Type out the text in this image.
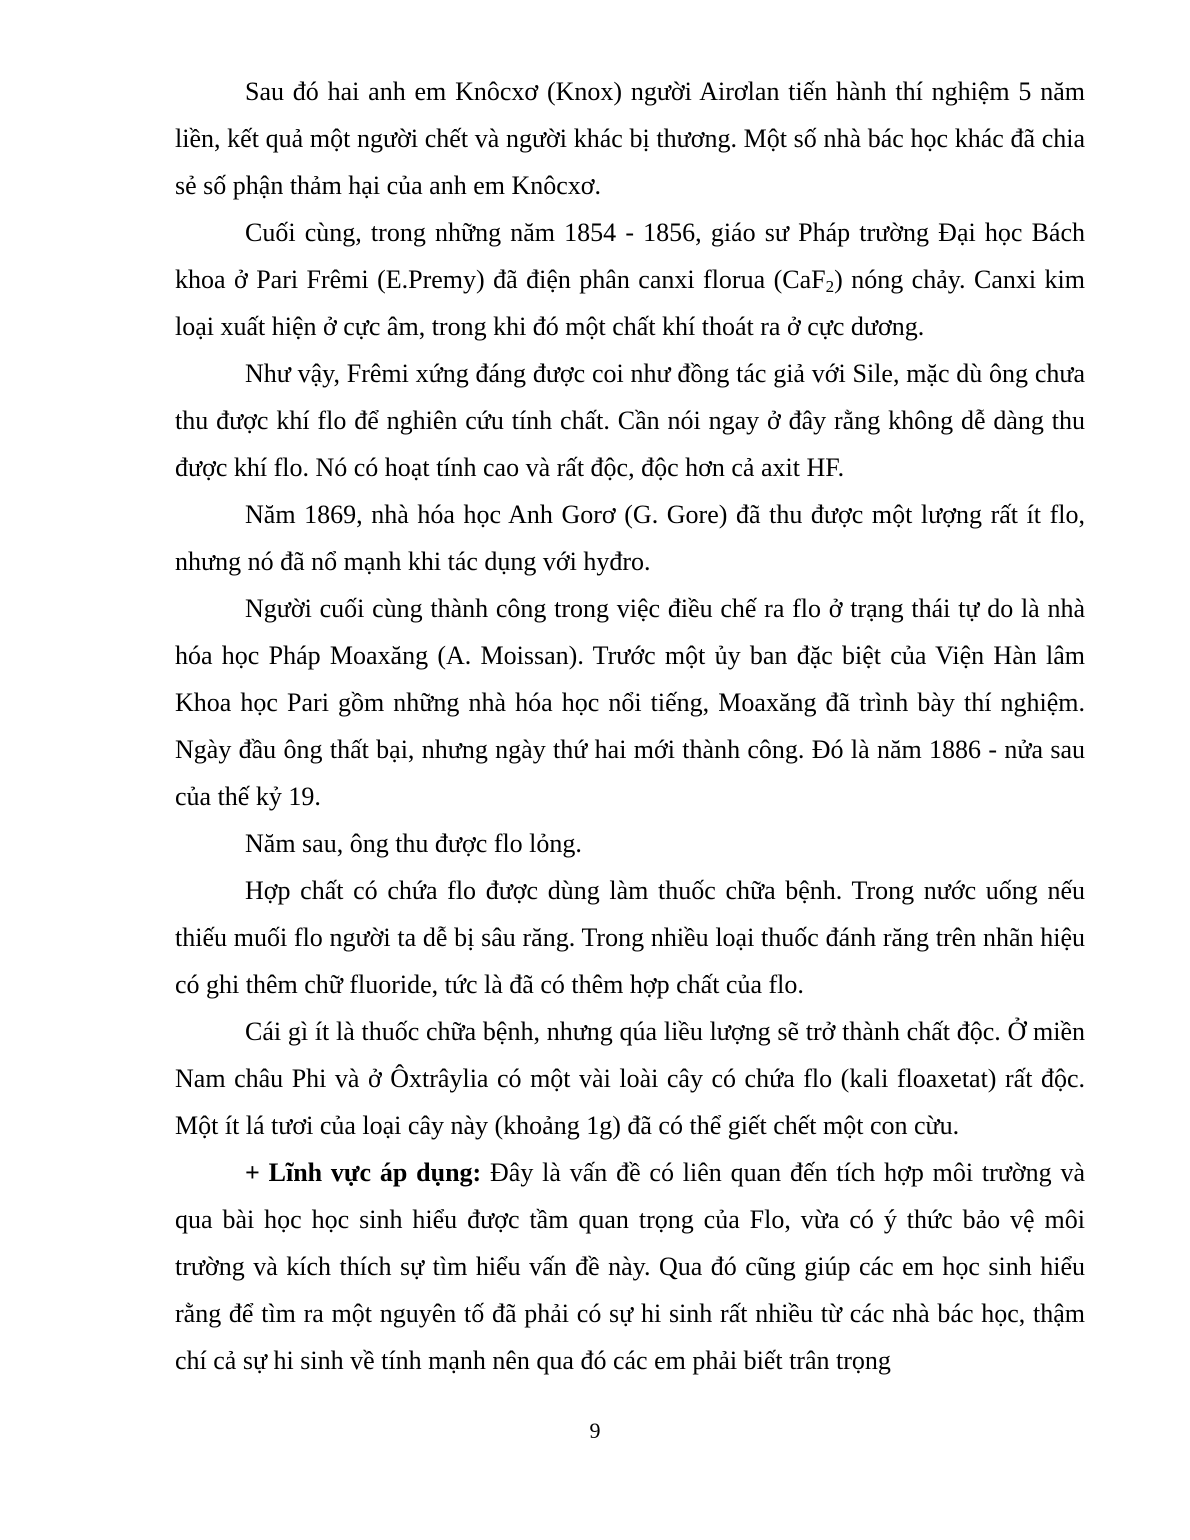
Sau đó hai anh em Knôcxơ (Knox) người Airơlan tiến hành thí nghiệm 5 năm liền, kết quả một người chết và người khác bị thương. Một số nhà bác học khác đã chia sẻ số phận thảm hại của anh em Knôcxơ.

Cuối cùng, trong những năm 1854 - 1856, giáo sư Pháp trường Đại học Bách khoa ở Pari Frêmi (E.Premy) đã điện phân canxi florua (CaF$_2$) nóng chảy. Canxi kim loại xuất hiện ở cực âm, trong khi đó một chất khí thoát ra ở cực dương.

Như vậy, Frêmi xứng đáng được coi như đồng tác giả với Sile, mặc dù ông chưa thu được khí flo để nghiên cứu tính chất. Cần nói ngay ở đây rằng không dễ dàng thu được khí flo. Nó có hoạt tính cao và rất độc, độc hơn cả axit HF.

Năm 1869, nhà hóa học Anh Gorơ (G. Gore) đã thu được một lượng rất ít flo, nhưng nó đã nổ mạnh khi tác dụng với hyđro.

Người cuối cùng thành công trong việc điều chế ra flo ở trạng thái tự do là nhà hóa học Pháp Moaxăng (A. Moissan). Trước một ủy ban đặc biệt của Viện Hàn lâm Khoa học Pari gồm những nhà hóa học nổi tiếng, Moaxăng đã trình bày thí nghiệm. Ngày đầu ông thất bại, nhưng ngày thứ hai mới thành công. Đó là năm 1886 - nửa sau của thế kỷ 19.

Năm sau, ông thu được flo lỏng.

Hợp chất có chứa flo được dùng làm thuốc chữa bệnh. Trong nước uống nếu thiếu muối flo người ta dễ bị sâu răng. Trong nhiều loại thuốc đánh răng trên nhãn hiệu có ghi thêm chữ fluoride, tức là đã có thêm hợp chất của flo.

Cái gì ít là thuốc chữa bệnh, nhưng qúa liều lượng sẽ trở thành chất độc. Ở miền Nam châu Phi và ở Ôxtrâylia có một vài loài cây có chứa flo (kali floaxetat) rất độc. Một ít lá tươi của loại cây này (khoảng 1g) đã có thể giết chết một con cừu.

+ Lĩnh vực áp dụng: Đây là vấn đề có liên quan đến tích hợp môi trường và qua bài học học sinh hiểu được tầm quan trọng của Flo, vừa có ý thức bảo vệ môi trường và kích thích sự tìm hiểu vấn đề này. Qua đó cũng giúp các em học sinh hiểu rằng để tìm ra một nguyên tố đã phải có sự hi sinh rất nhiều từ các nhà bác học, thậm chí cả sự hi sinh về tính mạnh nên qua đó các em phải biết trân trọng

9
